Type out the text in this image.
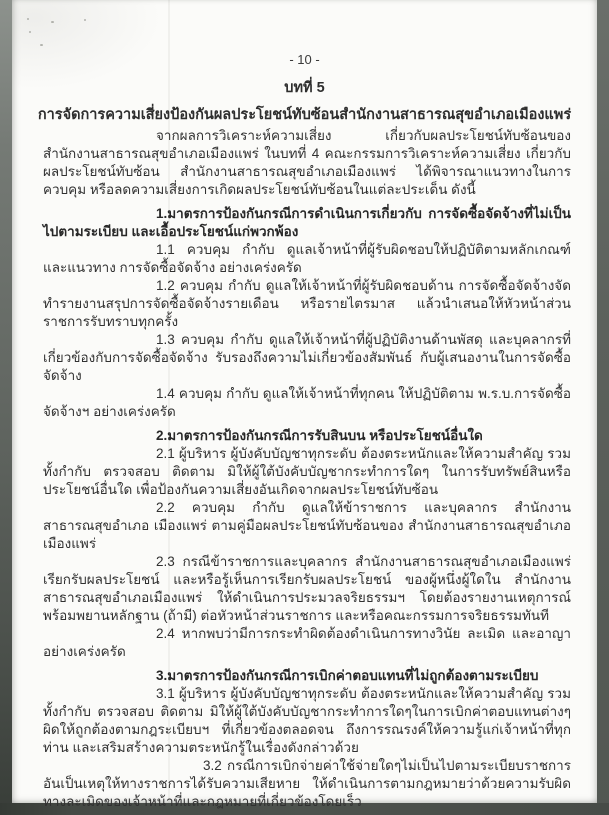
- 10 -
บทที่ 5
การจัดการความเสี่ยงป้องกันผลประโยชน์ทับซ้อนสำนักงานสาธารณสุขอำเภอเมืองแพร่
จากผลการวิเคราะห์ความเสี่ยง เกี่ยวกับผลประโยชน์ทับซ้อนของ สำนักงานสาธารณสุขอำเภอเมืองแพร่ ในบทที่ 4 คณะกรรมการวิเคราะห์ความเสี่ยง เกี่ยวกับผลประโยชน์ทับซ้อน สำนักงานสาธารณสุขอำเภอเมืองแพร่ ได้พิจารณาแนวทางในการควบคุม หรือลดความเสี่ยงการเกิดผลประโยชน์ทับซ้อนในแต่ละประเด็น ดังนี้
1.มาตรการป้องกันกรณีการดำเนินการเกี่ยวกับ การจัดซื้อจัดจ้างที่ไม่เป็นไปตามระเบียบ และเอื้อประโยชน์แก่พวกพ้อง
1.1 ควบคุม กำกับ ดูแลเจ้าหน้าที่ผู้รับผิดชอบให้ปฏิบัติตามหลักเกณฑ์ และแนวทาง การจัดซื้อจัดจ้าง อย่างเคร่งครัด
1.2 ควบคุม กำกับ ดูแลให้เจ้าหน้าที่ผู้รับผิดชอบด้าน การจัดซื้อจัดจ้างจัดทำรายงานสรุปการจัดซื้อจัดจ้างรายเดือน หรือรายไตรมาส แล้วนำเสนอให้หัวหน้าส่วนราชการรับทราบทุกครั้ง
1.3 ควบคุม กำกับ ดูแลให้เจ้าหน้าที่ผู้ปฏิบัติงานด้านพัสดุ และบุคลากรที่เกี่ยวข้องกับการจัดซื้อจัดจ้าง รับรองถึงความไม่เกี่ยวข้องสัมพันธ์ กับผู้เสนองานในการจัดซื้อจัดจ้าง
1.4 ควบคุม กำกับ ดูแลให้เจ้าหน้าที่ทุกคน ให้ปฏิบัติตาม พ.ร.บ.การจัดซื้อจัดจ้างฯ อย่างเคร่งครัด
2.มาตรการป้องกันกรณีการรับสินบน หรือประโยชน์อื่นใด
2.1 ผู้บริหาร ผู้บังคับบัญชาทุกระดับ ต้องตระหนักและให้ความสำคัญ รวมทั้งกำกับ ตรวจสอบ ติดตาม มิให้ผู้ใต้บังคับบัญชากระทำการใดๆ ในการรับทรัพย์สินหรือประโยชน์อื่นใด เพื่อป้องกันความเสี่ยงอันเกิดจากผลประโยชน์ทับซ้อน
2.2 ควบคุม กำกับ ดูแลให้ข้าราชการ และบุคลากร สำนักงานสาธารณสุขอำเภอ เมืองแพร่ ตามคู่มือผลประโยชน์ทับซ้อนของ สำนักงานสาธารณสุขอำเภอเมืองแพร่
2.3 กรณีข้าราชการและบุคลากร สำนักงานสาธารณสุขอำเภอเมืองแพร่ เรียกรับผลประโยชน์ และหรือรู้เห็นการเรียกรับผลประโยชน์ ของผู้หนึ่งผู้ใดใน สำนักงานสาธารณสุขอำเภอเมืองแพร่ ให้ดำเนินการประมวลจริยธรรมฯ โดยต้องรายงานเหตุการณ์ พร้อมพยานหลักฐาน (ถ้ามี) ต่อหัวหน้าส่วนราชการ และหรือคณะกรรมการจริยธรรมทันที
2.4 หากพบว่ามีการกระทำผิดต้องดำเนินการทางวินัย ละเมิด และอาญาอย่างเคร่งครัด
3.มาตรการป้องกันกรณีการเบิกค่าตอบแทนที่ไม่ถูกต้องตามระเบียบ
3.1 ผู้บริหาร ผู้บังคับบัญชาทุกระดับ ต้องตระหนักและให้ความสำคัญ รวมทั้งกำกับ ตรวจสอบ ติดตาม มิให้ผู้ใต้บังคับบัญชากระทำการใดๆในการเบิกค่าตอบแทนต่างๆ ผิดให้ถูกต้องตามกฎระเบียบฯ ที่เกี่ยวข้องตลอดจน ถึงการรณรงค์ให้ความรู้แก่เจ้าหน้าที่ทุกท่าน และเสริมสร้างความตระหนักรู้ในเรื่องดังกล่าวด้วย
3.2 กรณีการเบิกจ่ายค่าใช้จ่ายใดๆไม่เป็นไปตามระเบียบราชการ อันเป็นเหตุให้ทางราชการได้รับความเสียหาย ให้ดำเนินการตามกฎหมายว่าด้วยความรับผิด ทางละเมิดของเจ้าหน้าที่และกฎหมายที่เกี่ยวข้องโดยเร็ว
